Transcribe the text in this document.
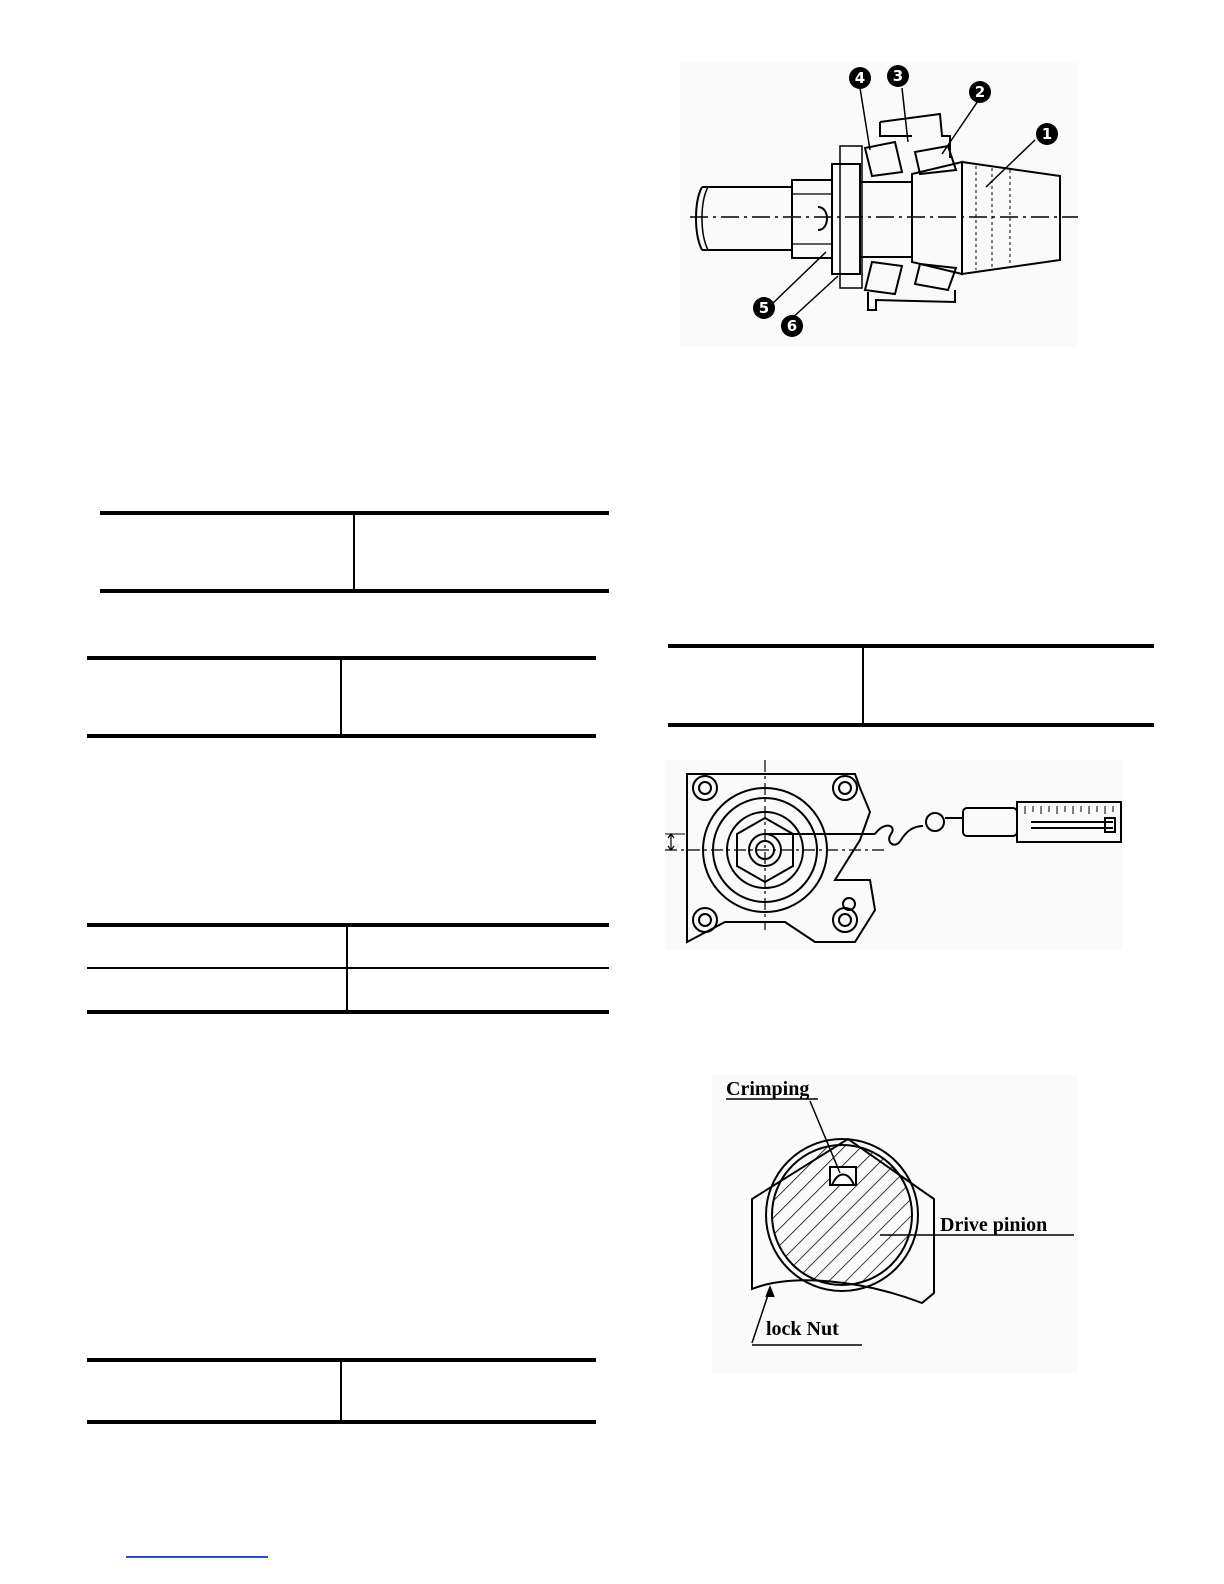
1
2
3
4
5
6
Crimping
Drive pinion
lock Nut
